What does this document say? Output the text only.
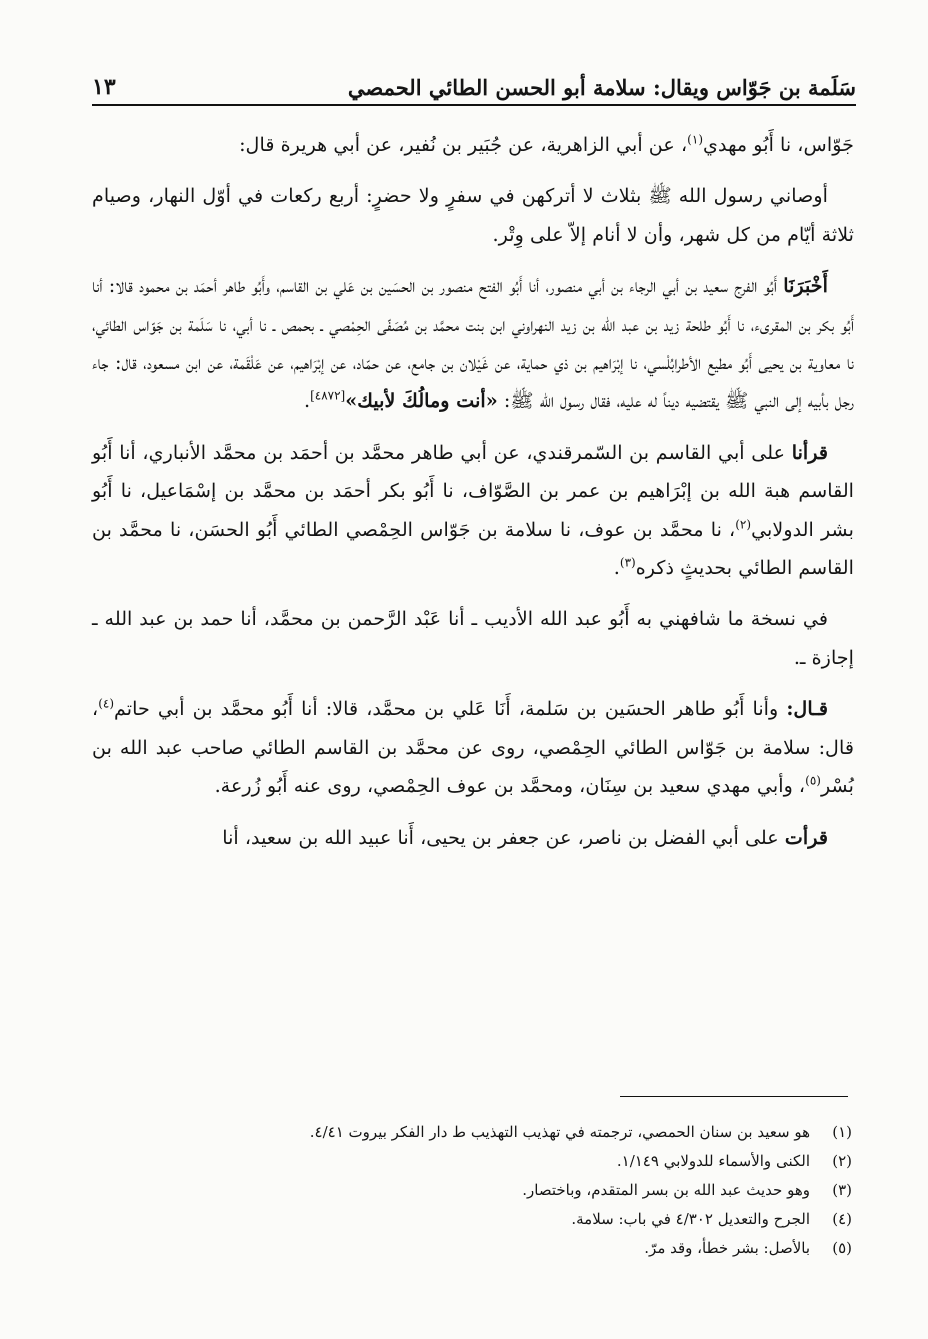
سَلَمة بن جَوّاس ويقال: سلامة أبو الحسن الطائي الحمصي
١٣

جَوّاس، نا أَبُو مهدي$^{(١)}$، عن أبي الزاهرية، عن جُبَير بن نُفير، عن أبي هريرة قال:

أوصاني رسول الله ﷺ بثلاث لا أتركهن في سفرٍ ولا حضرٍ: أربع ركعات في أوّل النهار، وصيام ثلاثة أيّام من كل شهر، وأن لا أنام إلاّ على وِتْر.

أَخْبَرَنَا أَبُو الفرج سعيد بن أبي الرجاء بن أبي منصور، أنا أَبُو الفتح منصور بن الحسَين بن عَلي بن القاسم، وأَبُو طاهر أحمَد بن محمود قالا: أنا أَبُو بكر بن المقرىء، نا أَبُو طلحة زيد بن عبد الله بن زيد النهراوني ابن بنت محمَّد بن مُصَفّى الحِمْصي ـ بحمص ـ نا أبي، نا سَلَمة بن جَوّاس الطائي، نا معاوية بن يحيى أَبُو مطيع الأطرابُلْسي، نا إبْرَاهيم بن ذي حماية، عن غَيْلان بن جامع، عن حمّاد، عن إبْرَاهيم، عن عَلْقَمة، عن ابن مسعود، قال: جاء رجل بأبيه إلى النبي ﷺ يقتضيه ديناً له عليه، فقال رسول الله ﷺ: «أنت ومالُكَ لأبيك»[٤٨٧٢].

قرأنا على أبي القاسم بن السّمرقندي، عن أبي طاهر محمَّد بن أحمَد بن محمَّد الأنباري، أنا أَبُو القاسم هبة الله بن إبْرَاهيم بن عمر بن الصَّوّاف، نا أَبُو بكر أحمَد بن محمَّد بن إسْمَاعيل، نا أَبُو بشر الدولابي$^{(٢)}$، نا محمَّد بن عوف، نا سلامة بن جَوّاس الحِمْصي الطائي أَبُو الحسَن، نا محمَّد بن القاسم الطائي بحديثٍ ذكره$^{(٣)}$.

في نسخة ما شافهني به أَبُو عبد الله الأديب ـ أنا عَبْد الرَّحمن بن محمَّد، أنا حمد بن عبد الله ـ إجازة ـ.

قـال: وأنا أَبُو طاهر الحسَين بن سَلمة، أَنَا عَلي بن محمَّد، قالا: أنا أَبُو محمَّد بن أبي حاتم$^{(٤)}$، قال: سلامة بن جَوّاس الطائي الحِمْصي، روى عن محمَّد بن القاسم الطائي صاحب عبد الله بن بُسْر$^{(٥)}$، وأبي مهدي سعيد بن سِنَان، ومحمَّد بن عوف الحِمْصي، روى عنه أَبُو زُرعة.

قرأت على أبي الفضل بن ناصر، عن جعفر بن يحيى، أَنا عبيد الله بن سعيد، أنا

(١)
هو سعيد بن سنان الحمصي، ترجمته في تهذيب التهذيب ط دار الفكر بيروت ٤/٤١.
(٢)
الكنى والأسماء للدولابي ١/١٤٩.
(٣)
وهو حديث عبد الله بن بسر المتقدم، وباختصار.
(٤)
الجرح والتعديل ٤/٣٠٢ في باب: سلامة.
(٥)
بالأصل: بشر خطأ، وقد مرّ.
